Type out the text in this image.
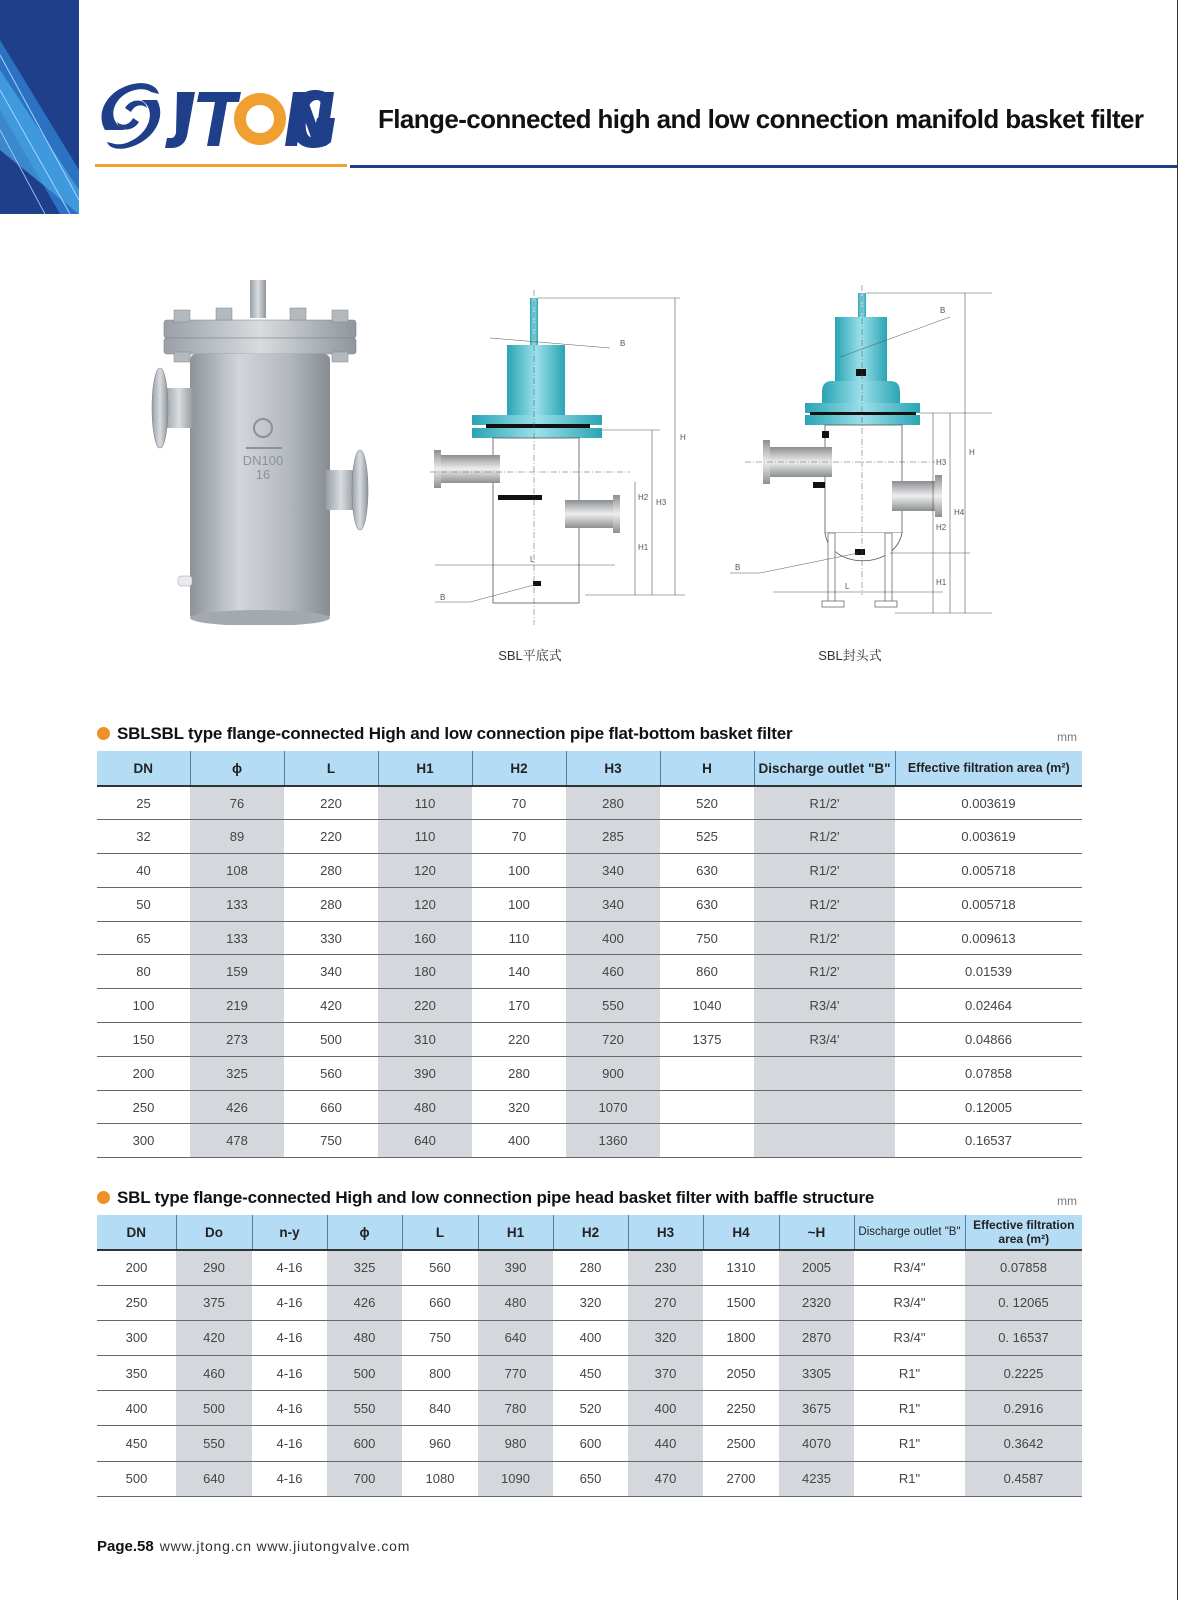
Flange-connected high and low connection manifold basket filter
DN100
16
B
B
L
H
H3
H2
H1
SBL平底式
B
B
L
H
H4
H3
H2
H1
SBL封头式
SBLSBL type flange-connected High and low connection pipe flat-bottom basket filter	mm
DN	ϕ	L	H1	H2	H3	H	Discharge outlet "B"	Effective filtration area (m²)
25	76	220	110	70	280	520	R1/2'	0.003619
32	89	220	110	70	285	525	R1/2'	0.003619
40	108	280	120	100	340	630	R1/2'	0.005718
50	133	280	120	100	340	630	R1/2'	0.005718
65	133	330	160	110	400	750	R1/2'	0.009613
80	159	340	180	140	460	860	R1/2'	0.01539
100	219	420	220	170	550	1040	R3/4'	0.02464
150	273	500	310	220	720	1375	R3/4'	0.04866
200	325	560	390	280	900			0.07858
250	426	660	480	320	1070			0.12005
300	478	750	640	400	1360			0.16537
SBL type flange-connected High and low connection pipe head basket filter with baffle structure	mm
DN	Do	n-y	ϕ	L	H1	H2	H3	H4	~H	Discharge outlet "B"	Effective filtration area (m²)
200	290	4-16	325	560	390	280	230	1310	2005	R3/4"	0.07858
250	375	4-16	426	660	480	320	270	1500	2320	R3/4"	0. 12065
300	420	4-16	480	750	640	400	320	1800	2870	R3/4"	0. 16537
350	460	4-16	500	800	770	450	370	2050	3305	R1"	0.2225
400	500	4-16	550	840	780	520	400	2250	3675	R1"	0.2916
450	550	4-16	600	960	980	600	440	2500	4070	R1"	0.3642
500	640	4-16	700	1080	1090	650	470	2700	4235	R1"	0.4587
Page.58 www.jtong.cn www.jiutongvalve.com
